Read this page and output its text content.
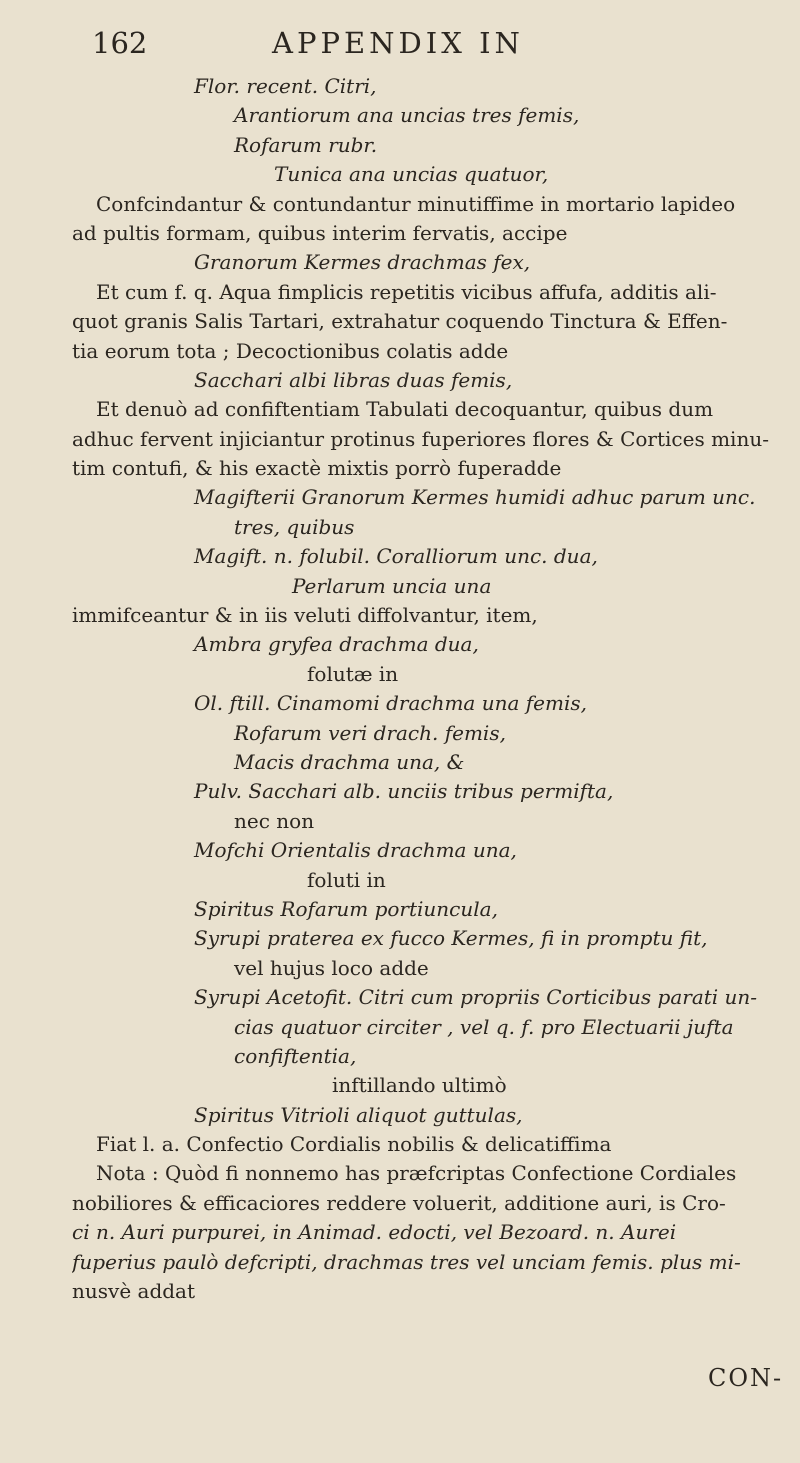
162	APPENDIX IN
Flor. recent. Citri,
Arantiorum ana uncias tres femis,
Rofarum rubr.
Tunica ana uncias quatuor,
Confcindantur & contundantur minutiffime in mortario lapideo
ad pultis formam, quibus interim fervatis, accipe
Granorum Kermes drachmas fex,
Et cum f. q. Aqua fimplicis repetitis vicibus affufa, additis ali-
quot granis Salis Tartari, extrahatur coquendo Tinctura & Effen-
tia eorum tota ; Decoctionibus colatis adde
Sacchari albi libras duas femis,
Et denuò ad confiftentiam Tabulati decoquantur, quibus dum
adhuc fervent injiciantur protinus fuperiores flores & Cortices minu-
tim contufi, & his exactè mixtis porrò fuperadde
Magifterii Granorum Kermes humidi adhuc parum unc.
tres, quibus
Magift. n. folubil. Coralliorum unc. dua,
Perlarum uncia una
immifceantur & in iis veluti diffolvantur, item,
Ambra gryfea drachma dua,
folutæ in
Ol. ftill. Cinamomi drachma una femis,
Rofarum veri drach. femis,
Macis drachma una, &
Pulv. Sacchari alb. unciis tribus permifta,
nec non
Mofchi Orientalis drachma una,
foluti in
Spiritus Rofarum portiuncula,
Syrupi praterea ex fucco Kermes, fi in promptu fit,
vel hujus loco adde
Syrupi Acetofit. Citri cum propriis Corticibus parati un-
cias quatuor circiter , vel q. f. pro Electuarii jufta
confiftentia,
inftillando ultimò
Spiritus Vitrioli aliquot guttulas,
Fiat l. a. Confectio Cordialis nobilis & delicatiffima
Nota : Quòd fi nonnemo has præfcriptas Confectione Cordiales
nobiliores & efficaciores reddere voluerit, additione auri, is Cro-
ci n. Auri purpurei, in Animad. edocti, vel Bezoard. n. Aurei
fuperius paulò defcripti, drachmas tres vel unciam femis. plus mi-
nusvè addat
CON-
